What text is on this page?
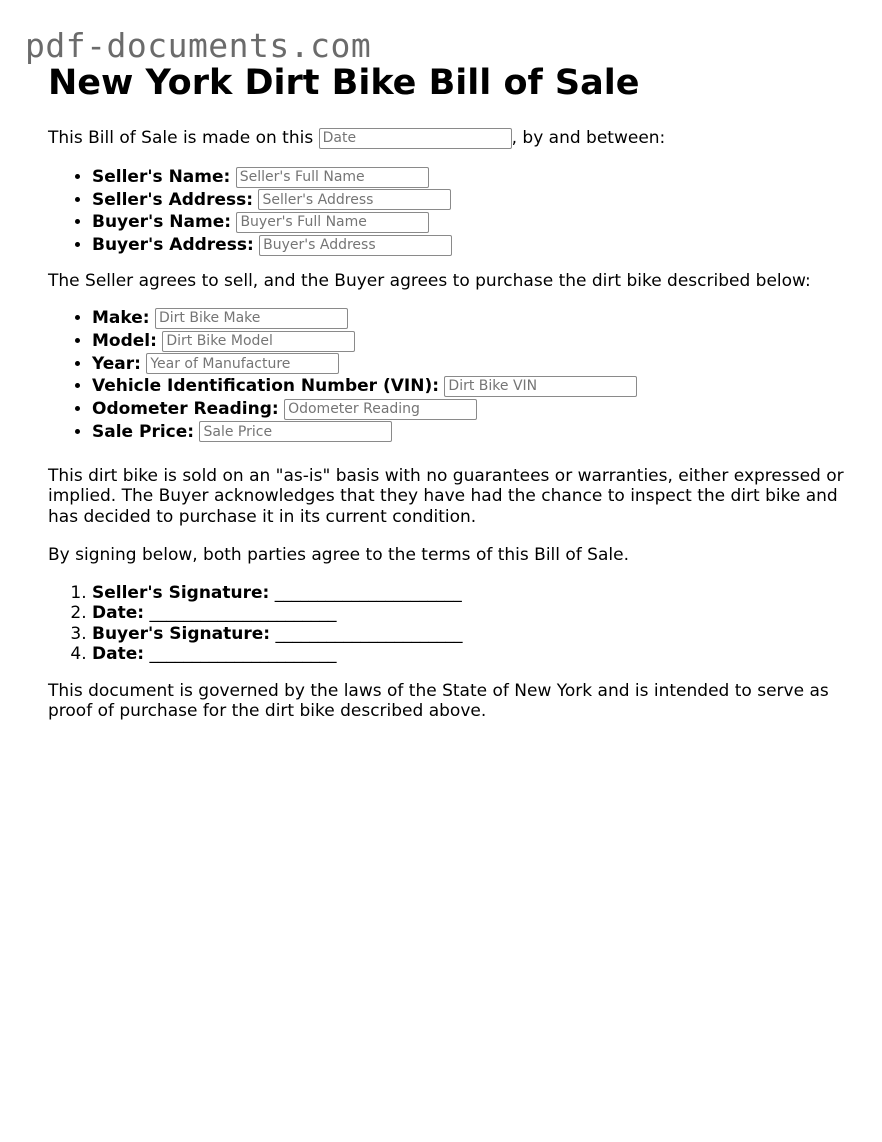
pdf-documents.com
New York Dirt Bike Bill of Sale

This Bill of Sale is made on this Date	, by and between:

• Seller's Name: Seller's Full Name
• Seller's Address: Seller's Address
• Buyer's Name: Buyer's Full Name
• Buyer's Address: Buyer's Address

The Seller agrees to sell, and the Buyer agrees to purchase the dirt bike described below:

• Make: Dirt Bike Make
• Model: Dirt Bike Model
• Year: Year of Manufacture
• Vehicle Identification Number (VIN): Dirt Bike VIN
• Odometer Reading: Odometer Reading
• Sale Price: Sale Price

This dirt bike is sold on an "as-is" basis with no guarantees or warranties, either expressed or implied. The Buyer acknowledges that they have had the chance to inspect the dirt bike and has decided to purchase it in its current condition.

By signing below, both parties agree to the terms of this Bill of Sale.

1. Seller's Signature: ______________________
2. Date: ______________________
3. Buyer's Signature: ______________________
4. Date: ______________________

This document is governed by the laws of the State of New York and is intended to serve as proof of purchase for the dirt bike described above.
